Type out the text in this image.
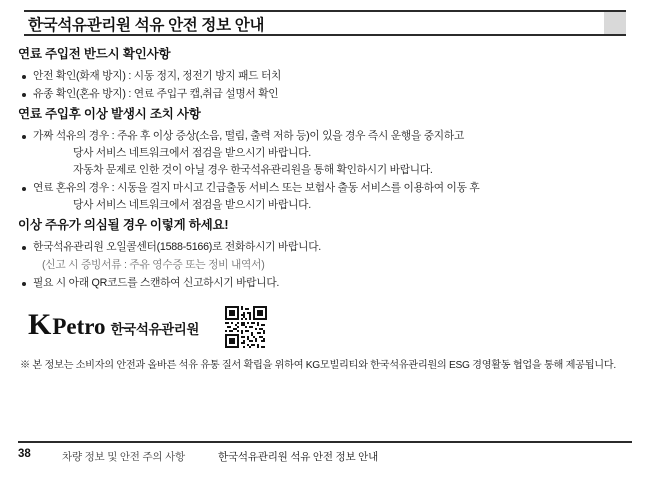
한국석유관리원 석유 안전 정보 안내
연료 주입전 반드시 확인사항
안전 확인(화재 방지) : 시동 정지, 정전기 방지 패드 터치
유종 확인(혼유 방지) : 연료 주입구 캡,취급 설명서 확인
연료 주입후 이상 발생시 조치 사항
가짜 석유의 경우 : 주유 후 이상 증상(소음, 떨림, 출력 저하 등)이 있을 경우 즉시 운행을 중지하고
당사 서비스 네트워크에서 점검을 받으시기 바랍니다.
자동차 문제로 인한 것이 아닐 경우 한국석유관리원을 통해 확인하시기 바랍니다.
연료 혼유의 경우 : 시동을 걸지 마시고 긴급출동 서비스 또는 보험사 출동 서비스를 이용하여 이동 후
당사 서비스 네트워크에서 점검을 받으시기 바랍니다.
이상 주유가 의심될 경우 이렇게 하세요!
한국석유관리원 오일콜센터(1588-5166)로 전화하시기 바랍니다.
(신고 시 증빙서류 : 주유 영수증 또는 정비 내역서)
필요 시 아래 QR코드를 스캔하여 신고하시기 바랍니다.
K Petro 한국석유관리원
※ 본 정보는 소비자의 안전과 올바른 석유 유통 질서 확립을 위하여 KG모빌리티와 한국석유관리원의 ESG 경영활동 협업을 통해 제공됩니다.
38	차량 정보 및 안전 주의 사항	한국석유관리원 석유 안전 정보 안내
